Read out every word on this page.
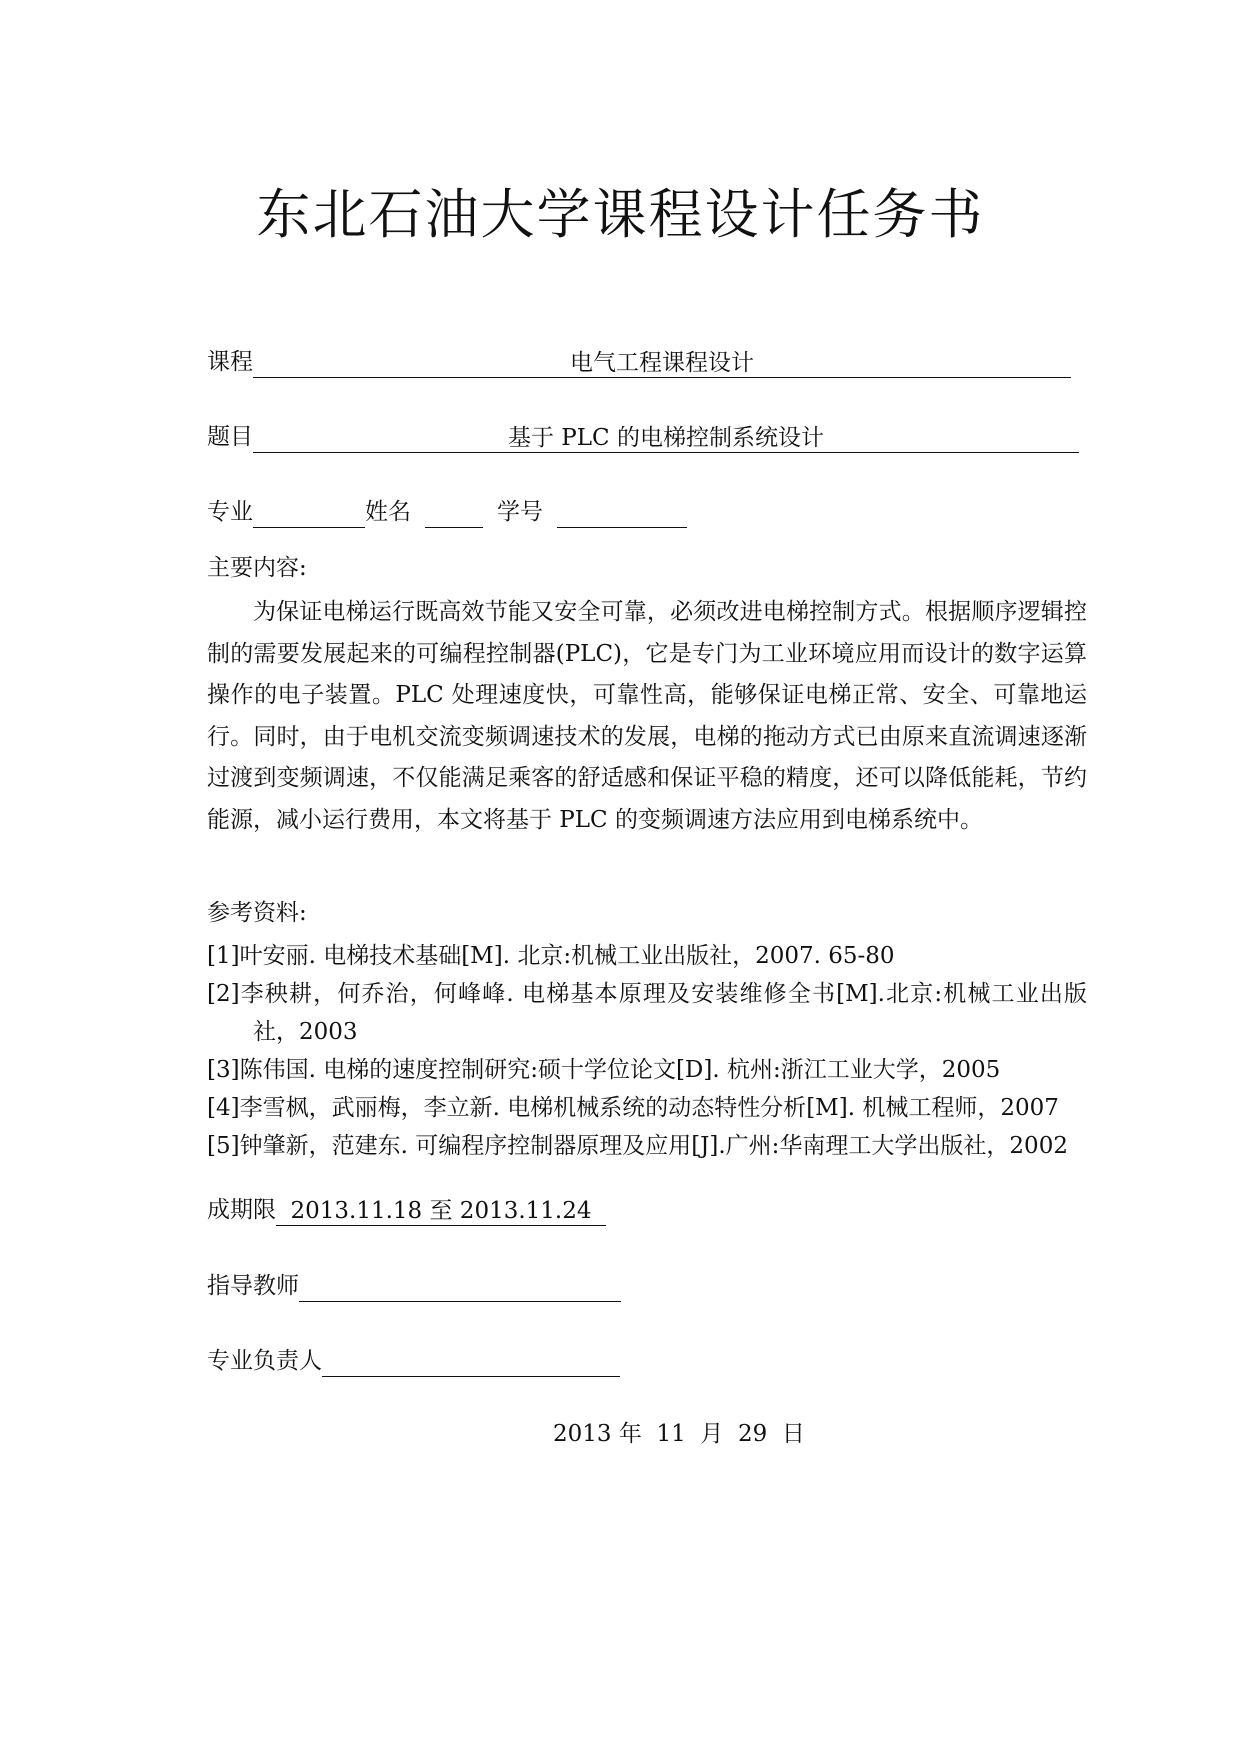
东北石油大学课程设计任务书
课程	电气工程课程设计
题目	基于 PLC 的电梯控制系统设计
专业	姓名	学号
主要内容:
为保证电梯运行既高效节能又安全可靠，必须改进电梯控制方式。根据顺序逻辑控制的需要发展起来的可编程控制器(PLC)，它是专门为工业环境应用而设计的数字运算操作的电子装置。PLC 处理速度快，可靠性高，能够保证电梯正常、安全、可靠地运行。同时，由于电机交流变频调速技术的发展，电梯的拖动方式已由原来直流调速逐渐过渡到变频调速，不仅能满足乘客的舒适感和保证平稳的精度，还可以降低能耗，节约能源，减小运行费用，本文将基于 PLC 的变频调速方法应用到电梯系统中。
参考资料:
[1]叶安丽. 电梯技术基础[M]. 北京:机械工业出版社，2007. 65-80
[2]李秧耕，何乔治，何峰峰. 电梯基本原理及安装维修全书[M].北京:机械工业出版社，2003
[3]陈伟国. 电梯的速度控制研究:硕十学位论文[D]. 杭州:浙江工业大学，2005
[4]李雪枫，武丽梅，李立新. 电梯机械系统的动态特性分析[M]. 机械工程师，2007
[5]钟肇新，范建东. 可编程序控制器原理及应用[J].广州:华南理工大学出版社，2002
成期限 2013.11.18 至 2013.11.24
指导教师
专业负责人
2013 年 11 月 29 日
